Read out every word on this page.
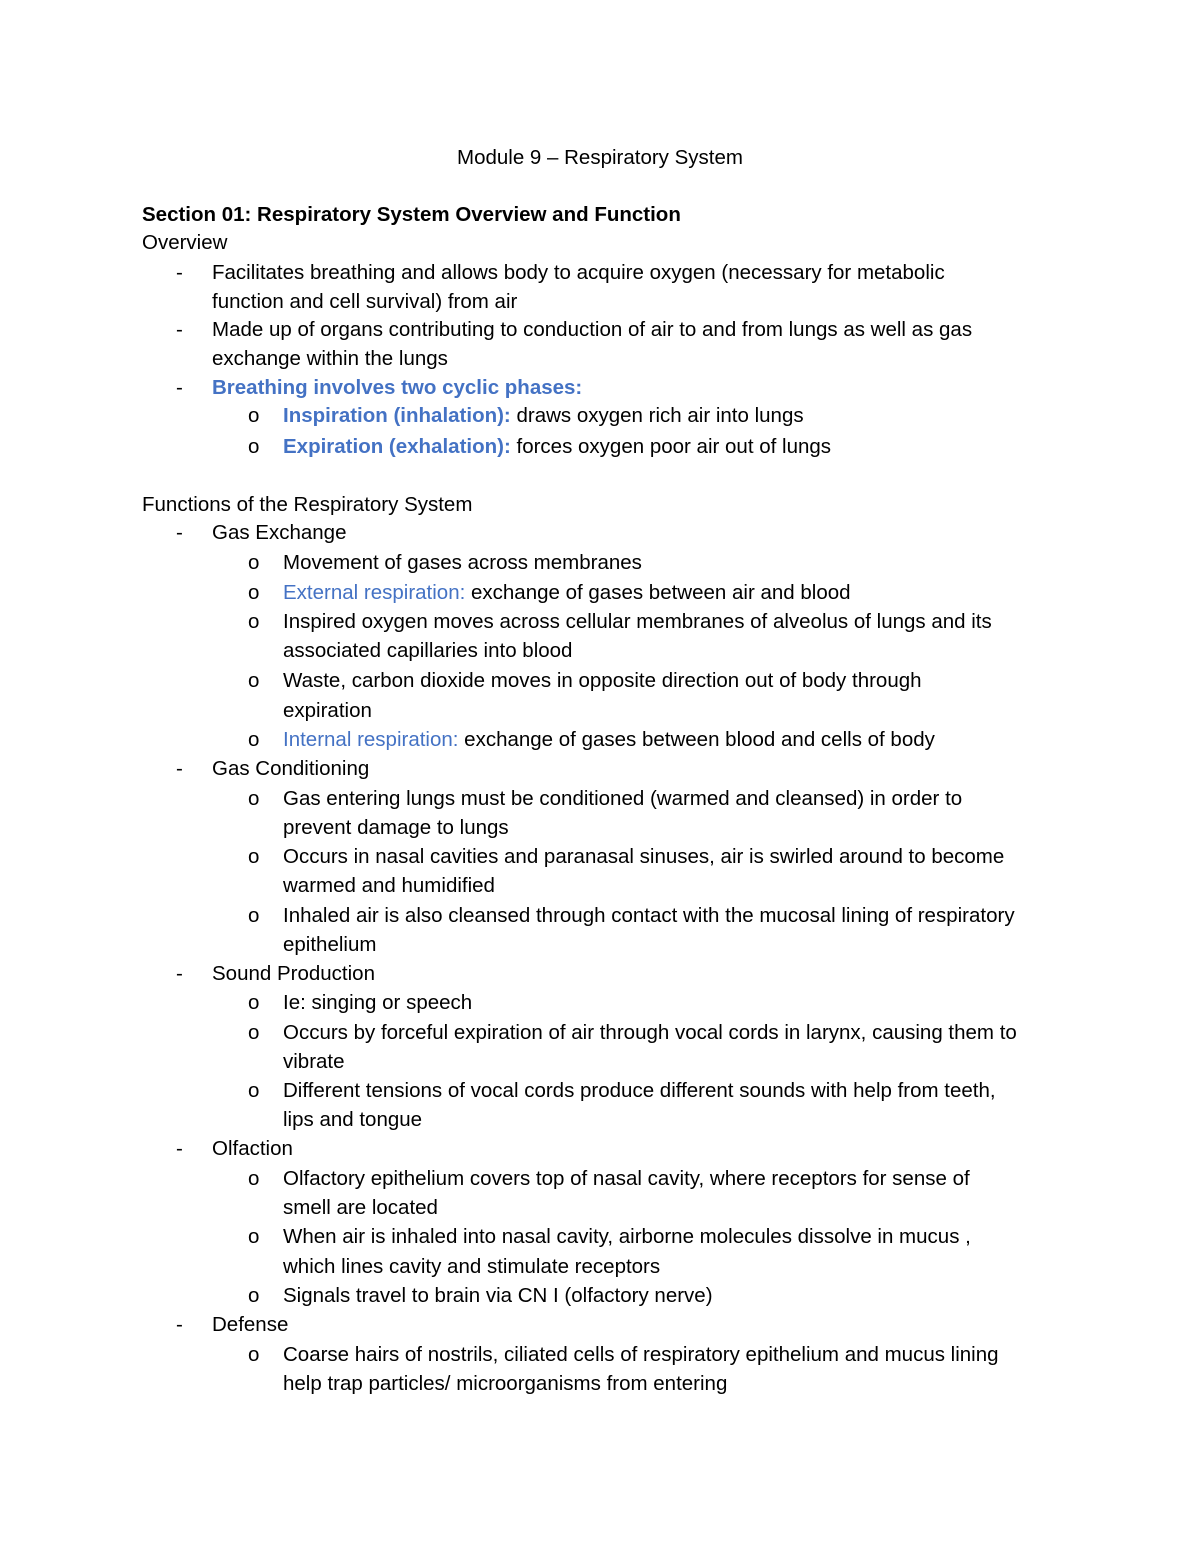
Module 9 – Respiratory System
Section 01: Respiratory System Overview and Function
Overview
- Facilitates breathing and allows body to acquire oxygen (necessary for metabolic
function and cell survival) from air
- Made up of organs contributing to conduction of air to and from lungs as well as gas
exchange within the lungs
- Breathing involves two cyclic phases:
o Inspiration (inhalation): draws oxygen rich air into lungs
o Expiration (exhalation): forces oxygen poor air out of lungs
Functions of the Respiratory System
- Gas Exchange
o Movement of gases across membranes
o External respiration: exchange of gases between air and blood
o Inspired oxygen moves across cellular membranes of alveolus of lungs and its
associated capillaries into blood
o Waste, carbon dioxide moves in opposite direction out of body through
expiration
o Internal respiration: exchange of gases between blood and cells of body
- Gas Conditioning
o Gas entering lungs must be conditioned (warmed and cleansed) in order to
prevent damage to lungs
o Occurs in nasal cavities and paranasal sinuses, air is swirled around to become
warmed and humidified
o Inhaled air is also cleansed through contact with the mucosal lining of respiratory
epithelium
- Sound Production
o Ie: singing or speech
o Occurs by forceful expiration of air through vocal cords in larynx, causing them to
vibrate
o Different tensions of vocal cords produce different sounds with help from teeth,
lips and tongue
- Olfaction
o Olfactory epithelium covers top of nasal cavity, where receptors for sense of
smell are located
o When air is inhaled into nasal cavity, airborne molecules dissolve in mucus ,
which lines cavity and stimulate receptors
o Signals travel to brain via CN I (olfactory nerve)
- Defense
o Coarse hairs of nostrils, ciliated cells of respiratory epithelium and mucus lining
help trap particles/ microorganisms from entering
